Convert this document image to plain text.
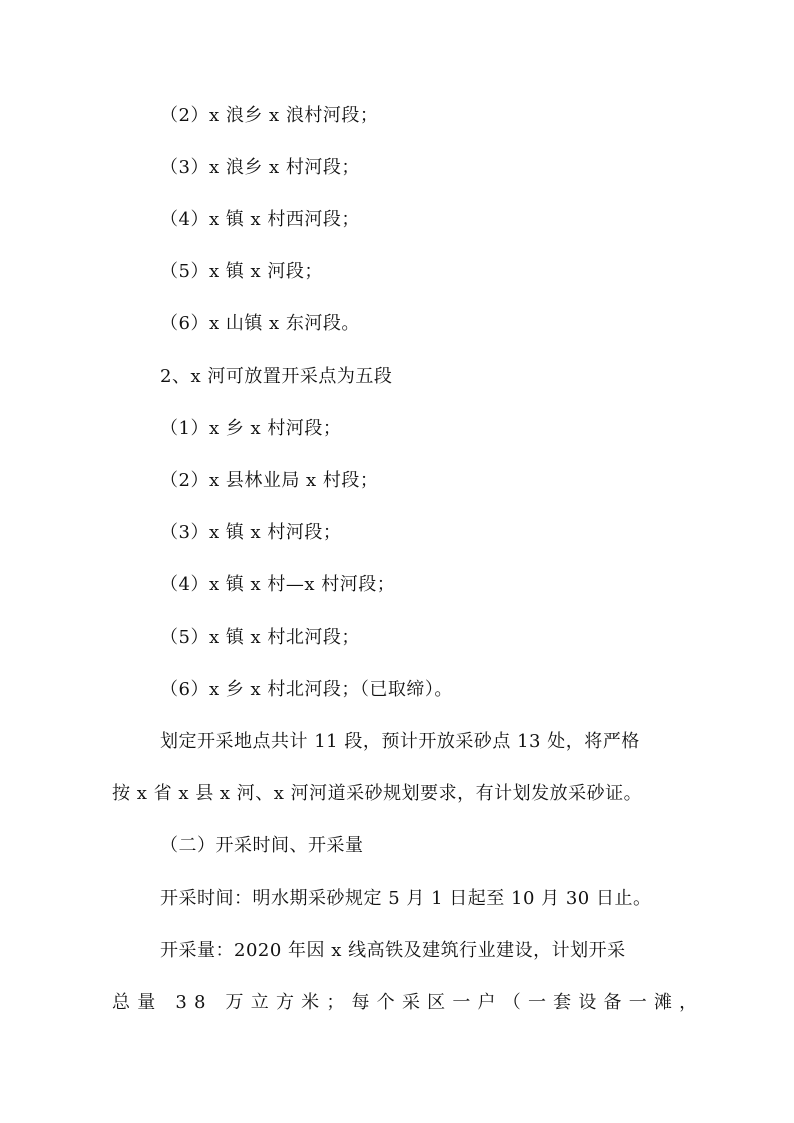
（2）x 浪乡 x 浪村河段；
（3）x 浪乡 x 村河段；
（4）x 镇 x 村西河段；
（5）x 镇 x 河段；
（6）x 山镇 x 东河段。
2、x 河可放置开采点为五段
（1）x 乡 x 村河段；
（2）x 县林业局 x 村段；
（3）x 镇 x 村河段；
（4）x 镇 x 村—x 村河段；
（5）x 镇 x 村北河段；
（6）x 乡 x 村北河段；（已取缔）。
划定开采地点共计 11 段，预计开放采砂点 13 处，将严格
按 x 省 x 县 x 河、x 河河道采砂规划要求，有计划发放采砂证。
（二）开采时间、开采量
开采时间：明水期采砂规定 5 月 1 日起至 10 月 30 日止。
开采量：2020 年因 x 线高铁及建筑行业建设，计划开采
总量 38 万立方米；每个采区一户（一套设备一滩，
